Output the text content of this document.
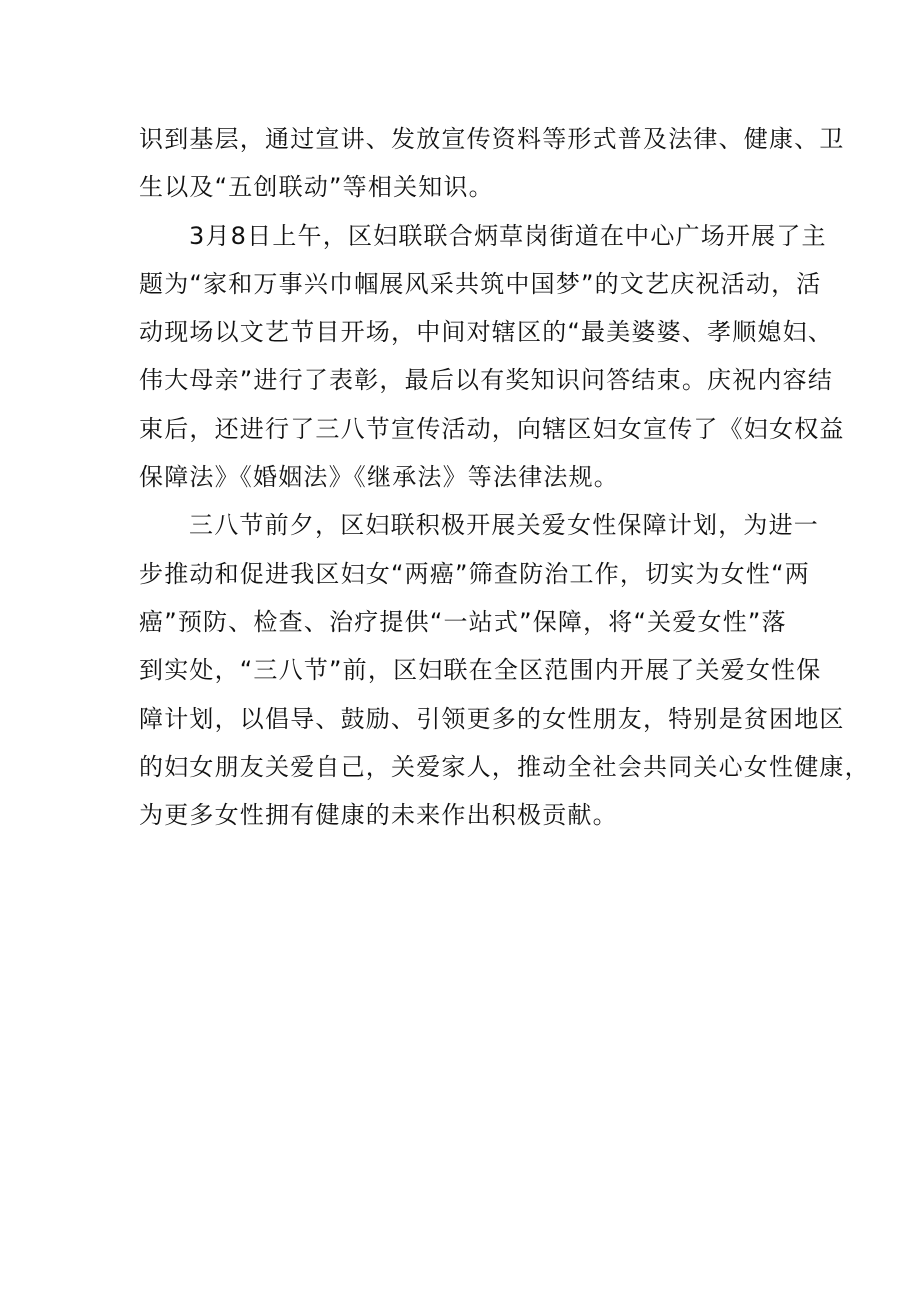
识到基层，通过宣讲、发放宣传资料等形式普及法律、健康、卫
生以及“五创联动”等相关知识。
3月8日上午，区妇联联合炳草岗街道在中心广场开展了主
题为“家和万事兴巾帼展风采共筑中国梦”的文艺庆祝活动，活
动现场以文艺节目开场，中间对辖区的“最美婆婆、孝顺媳妇、
伟大母亲”进行了表彰，最后以有奖知识问答结束。庆祝内容结
束后，还进行了三八节宣传活动，向辖区妇女宣传了《妇女权益
保障法》《婚姻法》《继承法》等法律法规。
三八节前夕，区妇联积极开展关爱女性保障计划，为进一
步推动和促进我区妇女“两癌”筛查防治工作，切实为女性“两
癌”预防、检查、治疗提供“一站式”保障，将“关爱女性”落
到实处，“三八节”前，区妇联在全区范围内开展了关爱女性保
障计划，以倡导、鼓励、引领更多的女性朋友，特别是贫困地区
的妇女朋友关爱自己，关爱家人，推动全社会共同关心女性健康，
为更多女性拥有健康的未来作出积极贡献。
